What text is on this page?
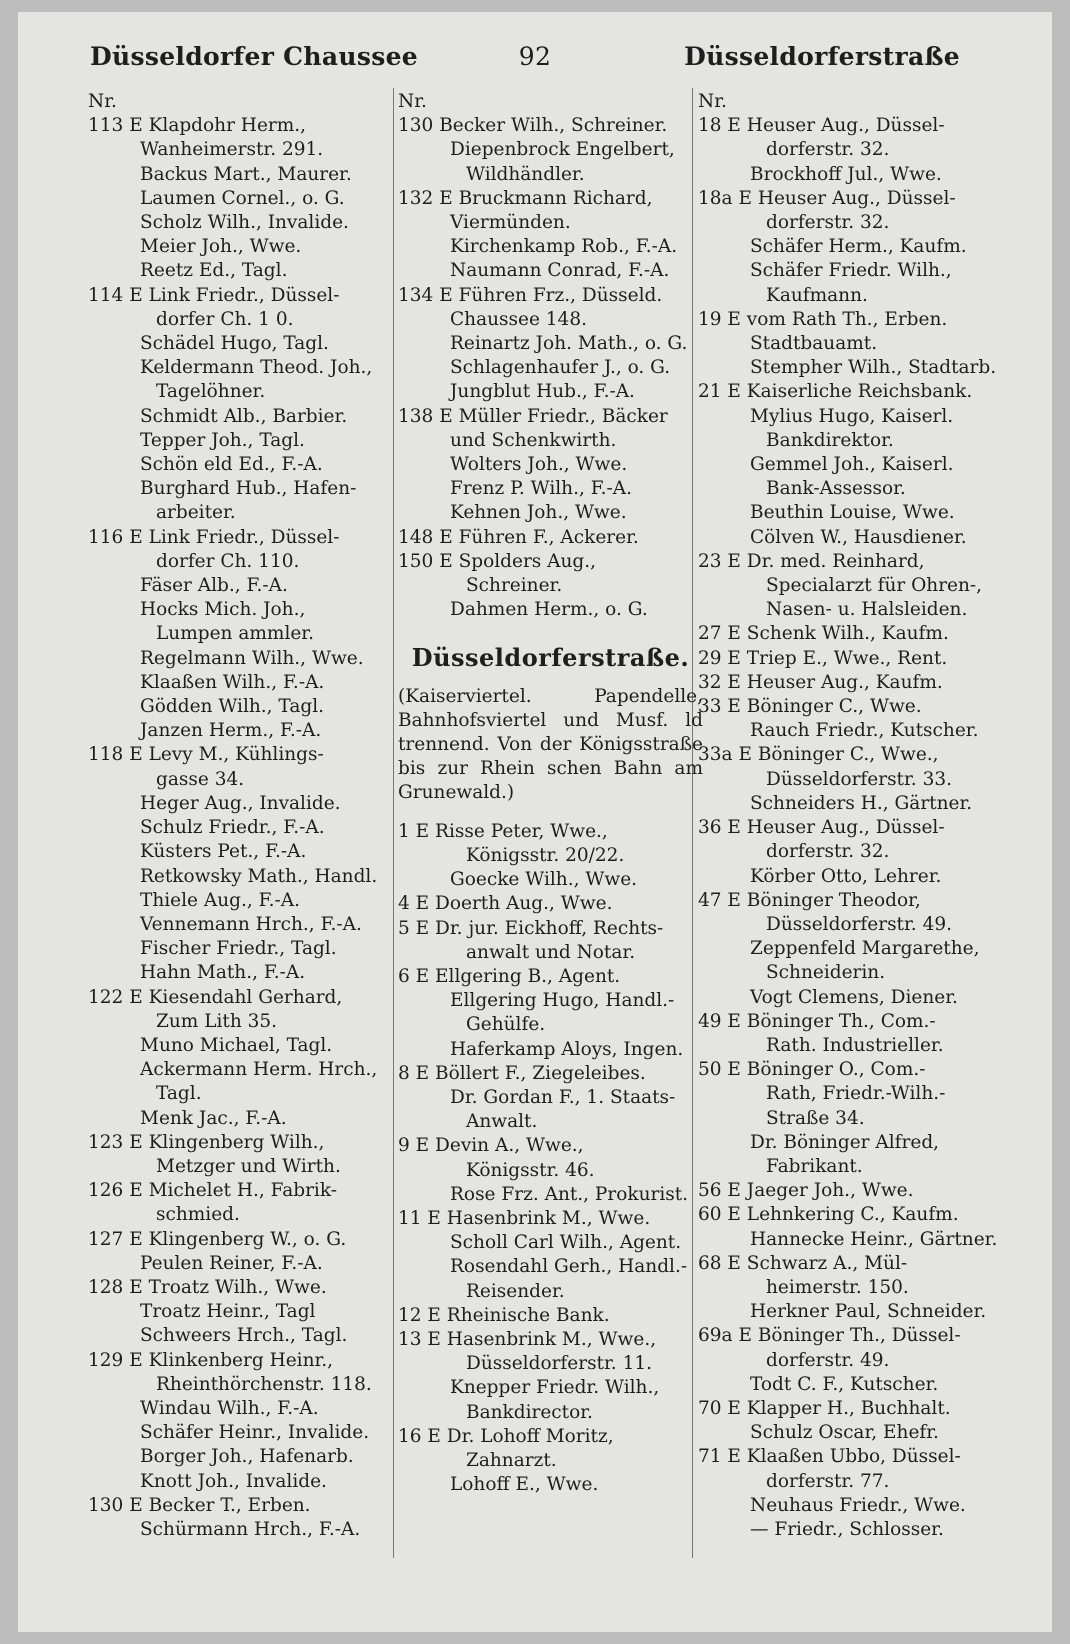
Düsseldorfer Chaussee	92	Düsseldorferstraße
Nr.
113 E Klapdohr Herm.,
Wanheimerstr. 291.
Backus Mart., Maurer.
Laumen Cornel., o. G.
Scholz Wilh., Invalide.
Meier Joh., Wwe.
Reetz Ed., Tagl.
114 E Link Friedr., Düssel-
dorfer Ch. 1 0.
Schädel Hugo, Tagl.
Keldermann Theod. Joh.,
Tagelöhner.
Schmidt Alb., Barbier.
Tepper Joh., Tagl.
Schön eld Ed., F.-A.
Burghard Hub., Hafen-
arbeiter.
116 E Link Friedr., Düssel-
dorfer Ch. 110.
Fäser Alb., F.-A.
Hocks Mich. Joh.,
Lumpen ammler.
Regelmann Wilh., Wwe.
Klaaßen Wilh., F.-A.
Gödden Wilh., Tagl.
Janzen Herm., F.-A.
118 E Levy M., Kühlings-
gasse 34.
Heger Aug., Invalide.
Schulz Friedr., F.-A.
Küsters Pet., F.-A.
Retkowsky Math., Handl.
Thiele Aug., F.-A.
Vennemann Hrch., F.-A.
Fischer Friedr., Tagl.
Hahn Math., F.-A.
122 E Kiesendahl Gerhard,
Zum Lith 35.
Muno Michael, Tagl.
Ackermann Herm. Hrch.,
Tagl.
Menk Jac., F.-A.
123 E Klingenberg Wilh.,
Metzger und Wirth.
126 E Michelet H., Fabrik-
schmied.
127 E Klingenberg W., o. G.
Peulen Reiner, F.-A.
128 E Troatz Wilh., Wwe.
Troatz Heinr., Tagl
Schweers Hrch., Tagl.
129 E Klinkenberg Heinr.,
Rheinthörchenstr. 118.
Windau Wilh., F.-A.
Schäfer Heinr., Invalide.
Borger Joh., Hafenarb.
Knott Joh., Invalide.
130 E Becker T., Erben.
Schürmann Hrch., F.-A.
Nr.
130 Becker Wilh., Schreiner.
Diepenbrock Engelbert,
Wildhändler.
132 E Bruckmann Richard,
Viermünden.
Kirchenkamp Rob., F.-A.
Naumann Conrad, F.-A.
134 E Führen Frz., Düsseld.
Chaussee 148.
Reinartz Joh. Math., o. G.
Schlagenhaufer J., o. G.
Jungblut Hub., F.-A.
138 E Müller Friedr., Bäcker
und Schenkwirth.
Wolters Joh., Wwe.
Frenz P. Wilh., F.-A.
Kehnen Joh., Wwe.
148 E Führen F., Ackerer.
150 E Spolders Aug.,
Schreiner.
Dahmen Herm., o. G.
Düsseldorferstraße.
(Kaiserviertel. Papendelle, Bahnhofsviertel und Musf. ld trennend. Von der Königsstraße bis zur Rhein schen Bahn am Grunewald.)
1 E Risse Peter, Wwe.,
Königsstr. 20/22.
Goecke Wilh., Wwe.
4 E Doerth Aug., Wwe.
5 E Dr. jur. Eickhoff, Rechts-
anwalt und Notar.
6 E Ellgering B., Agent.
Ellgering Hugo, Handl.-
Gehülfe.
Haferkamp Aloys, Ingen.
8 E Böllert F., Ziegeleibes.
Dr. Gordan F., 1. Staats-
Anwalt.
9 E Devin A., Wwe.,
Königsstr. 46.
Rose Frz. Ant., Prokurist.
11 E Hasenbrink M., Wwe.
Scholl Carl Wilh., Agent.
Rosendahl Gerh., Handl.-
Reisender.
12 E Rheinische Bank.
13 E Hasenbrink M., Wwe.,
Düsseldorferstr. 11.
Knepper Friedr. Wilh.,
Bankdirector.
16 E Dr. Lohoff Moritz,
Zahnarzt.
Lohoff E., Wwe.
Nr.
18 E Heuser Aug., Düssel-
dorferstr. 32.
Brockhoff Jul., Wwe.
18a E Heuser Aug., Düssel-
dorferstr. 32.
Schäfer Herm., Kaufm.
Schäfer Friedr. Wilh.,
Kaufmann.
19 E vom Rath Th., Erben.
Stadtbauamt.
Stempher Wilh., Stadtarb.
21 E Kaiserliche Reichsbank.
Mylius Hugo, Kaiserl.
Bankdirektor.
Gemmel Joh., Kaiserl.
Bank-Assessor.
Beuthin Louise, Wwe.
Cölven W., Hausdiener.
23 E Dr. med. Reinhard,
Specialarzt für Ohren-,
Nasen- u. Halsleiden.
27 E Schenk Wilh., Kaufm.
29 E Triep E., Wwe., Rent.
32 E Heuser Aug., Kaufm.
33 E Böninger C., Wwe.
Rauch Friedr., Kutscher.
33a E Böninger C., Wwe.,
Düsseldorferstr. 33.
Schneiders H., Gärtner.
36 E Heuser Aug., Düssel-
dorferstr. 32.
Körber Otto, Lehrer.
47 E Böninger Theodor,
Düsseldorferstr. 49.
Zeppenfeld Margarethe,
Schneiderin.
Vogt Clemens, Diener.
49 E Böninger Th., Com.-
Rath. Industrieller.
50 E Böninger O., Com.-
Rath, Friedr.-Wilh.-
Straße 34.
Dr. Böninger Alfred,
Fabrikant.
56 E Jaeger Joh., Wwe.
60 E Lehnkering C., Kaufm.
Hannecke Heinr., Gärtner.
68 E Schwarz A., Mül-
heimerstr. 150.
Herkner Paul, Schneider.
69a E Böninger Th., Düssel-
dorferstr. 49.
Todt C. F., Kutscher.
70 E Klapper H., Buchhalt.
Schulz Oscar, Ehefr.
71 E Klaaßen Ubbo, Düssel-
dorferstr. 77.
Neuhaus Friedr., Wwe.
— Friedr., Schlosser.
